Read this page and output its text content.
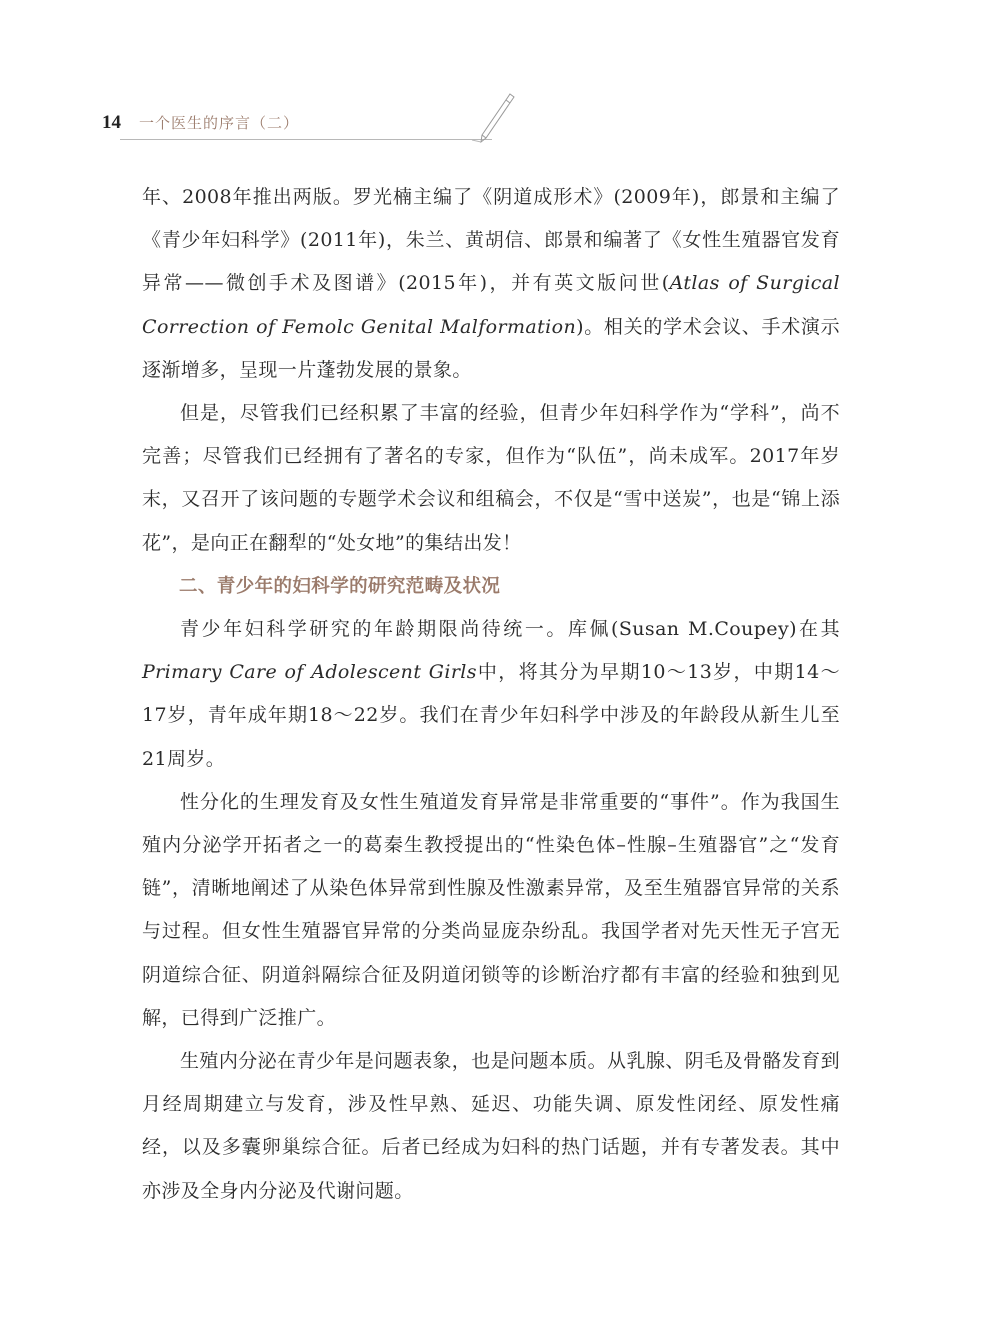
14 一个医生的序言（二）

年、2008年推出两版。罗光楠主编了《阴道成形术》(2009年)，郎景和主编了《青少年妇科学》(2011年)，朱兰、黄胡信、郎景和编著了《女性生殖器官发育异常——微创手术及图谱》(2015年)，并有英文版问世(Atlas of Surgical Correction of Femolc Genital Malformation)。相关的学术会议、手术演示逐渐增多，呈现一片蓬勃发展的景象。

但是，尽管我们已经积累了丰富的经验，但青少年妇科学作为“学科”，尚不完善；尽管我们已经拥有了著名的专家，但作为“队伍”，尚未成军。2017年岁末，又召开了该问题的专题学术会议和组稿会，不仅是“雪中送炭”，也是“锦上添花”，是向正在翻犁的“处女地”的集结出发！

二、青少年的妇科学的研究范畴及状况

青少年妇科学研究的年龄期限尚待统一。库佩(Susan M.Coupey)在其Primary Care of Adolescent Girls中，将其分为早期10～13岁，中期14～17岁，青年成年期18～22岁。我们在青少年妇科学中涉及的年龄段从新生儿至21周岁。

性分化的生理发育及女性生殖道发育异常是非常重要的“事件”。作为我国生殖内分泌学开拓者之一的葛秦生教授提出的“性染色体–性腺–生殖器官”之“发育链”，清晰地阐述了从染色体异常到性腺及性激素异常，及至生殖器官异常的关系与过程。但女性生殖器官异常的分类尚显庞杂纷乱。我国学者对先天性无子宫无阴道综合征、阴道斜隔综合征及阴道闭锁等的诊断治疗都有丰富的经验和独到见解，已得到广泛推广。

生殖内分泌在青少年是问题表象，也是问题本质。从乳腺、阴毛及骨骼发育到月经周期建立与发育，涉及性早熟、延迟、功能失调、原发性闭经、原发性痛经，以及多囊卵巢综合征。后者已经成为妇科的热门话题，并有专著发表。其中亦涉及全身内分泌及代谢问题。
